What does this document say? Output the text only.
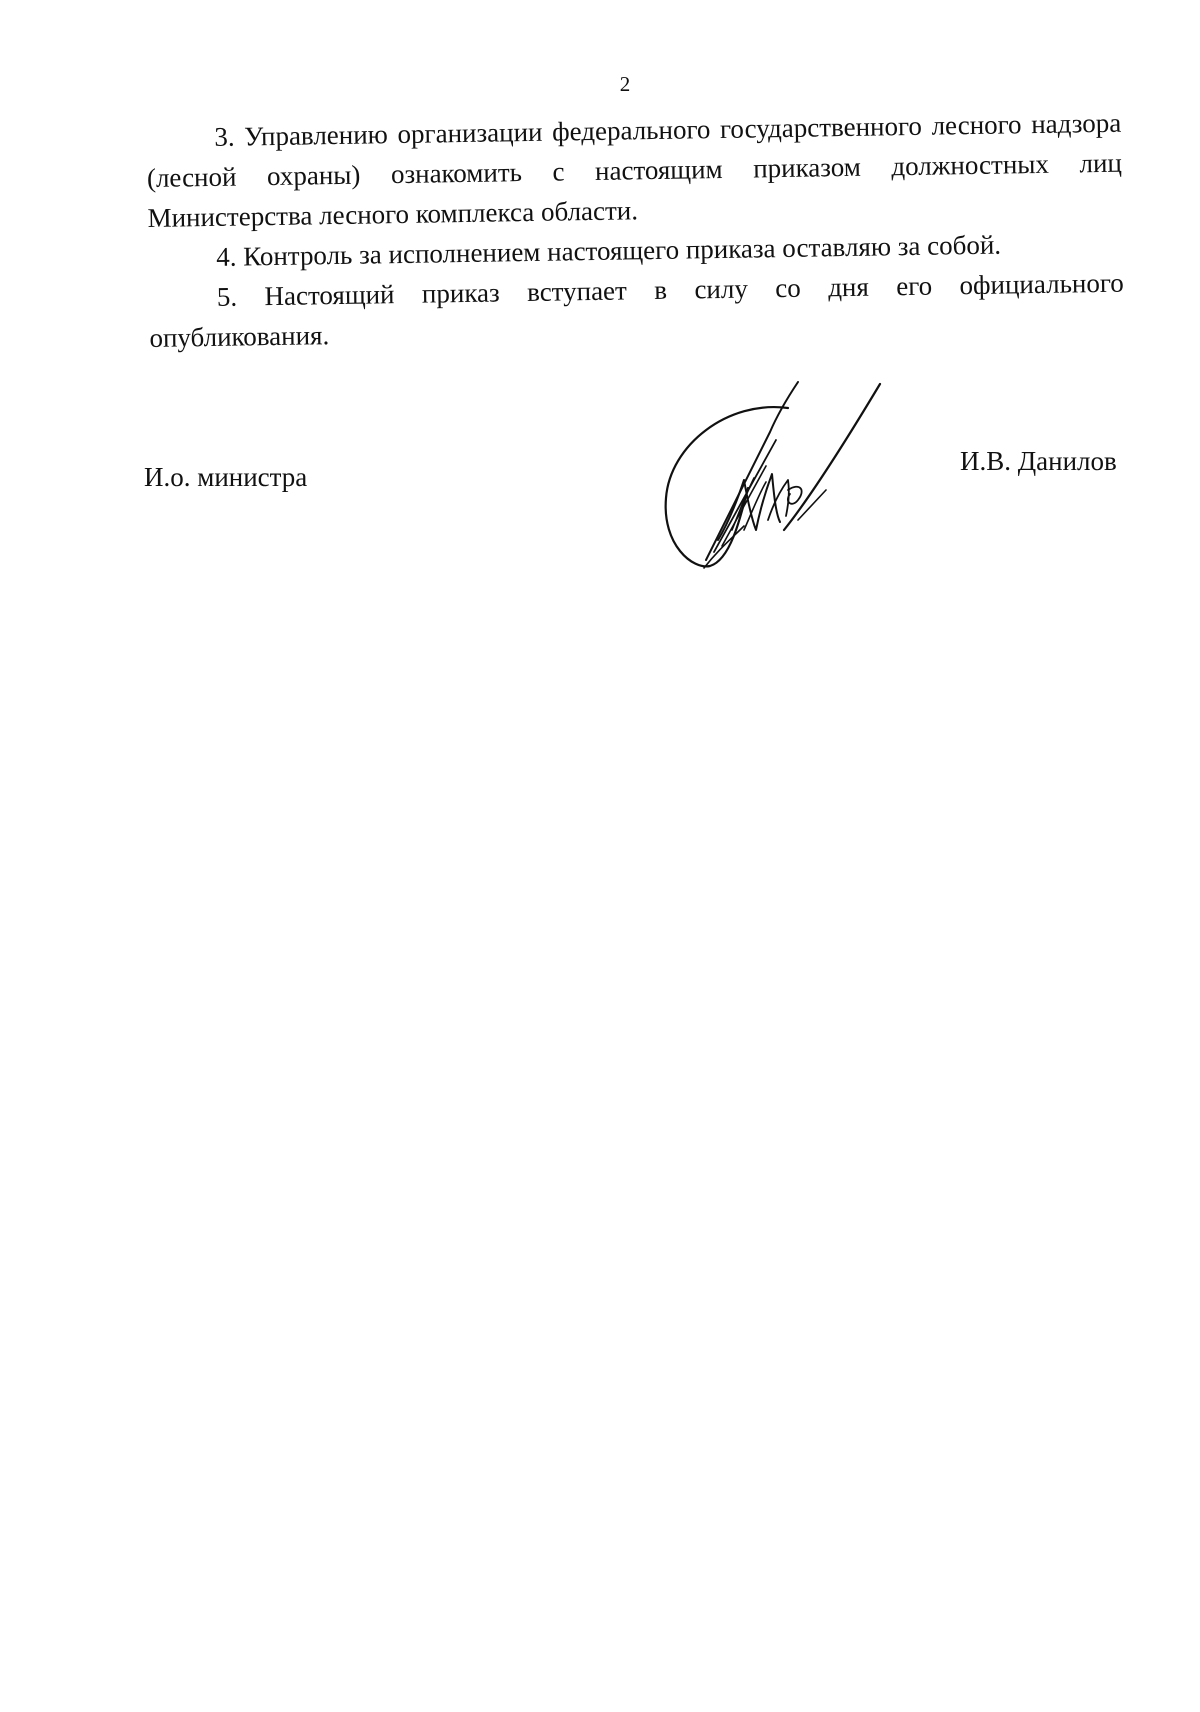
2

3. Управлению организации федерального государственного лесного надзора (лесной охраны) ознакомить с настоящим приказом должностных лиц Министерства лесного комплекса области.

4. Контроль за исполнением настоящего приказа оставляю за собой.

5. Настоящий приказ вступает в силу со дня его официального опубликования.

И.о. министра
И.В. Данилов
